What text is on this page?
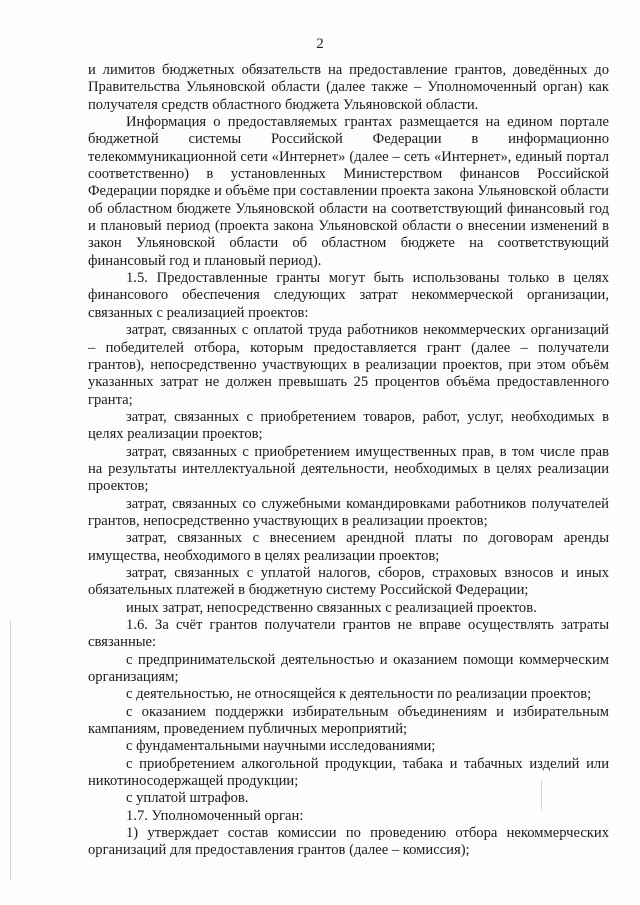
2

и лимитов бюджетных обязательств на предоставление грантов, доведённых до Правительства Ульяновской области (далее также – Уполномоченный орган) как получателя средств областного бюджета Ульяновской области.

Информация о предоставляемых грантах размещается на едином портале бюджетной системы Российской Федерации в информационно телекоммуникационной сети «Интернет» (далее – сеть «Интернет», единый портал соответственно) в установленных Министерством финансов Российской Федерации порядке и объёме при составлении проекта закона Ульяновской области об областном бюджете Ульяновской области на соответствующий финансовый год и плановый период (проекта закона Ульяновской области о внесении изменений в закон Ульяновской области об областном бюджете на соответствующий финансовый год и плановый период).

1.5. Предоставленные гранты могут быть использованы только в целях финансового обеспечения следующих затрат некоммерческой организации, связанных с реализацией проектов:

затрат, связанных с оплатой труда работников некоммерческих организаций – победителей отбора, которым предоставляется грант (далее – получатели грантов), непосредственно участвующих в реализации проектов, при этом объём указанных затрат не должен превышать 25 процентов объёма предоставленного гранта;

затрат, связанных с приобретением товаров, работ, услуг, необходимых в целях реализации проектов;

затрат, связанных с приобретением имущественных прав, в том числе прав на результаты интеллектуальной деятельности, необходимых в целях реализации проектов;

затрат, связанных со служебными командировками работников получателей грантов, непосредственно участвующих в реализации проектов;

затрат, связанных с внесением арендной платы по договорам аренды имущества, необходимого в целях реализации проектов;

затрат, связанных с уплатой налогов, сборов, страховых взносов и иных обязательных платежей в бюджетную систему Российской Федерации;

иных затрат, непосредственно связанных с реализацией проектов.

1.6. За счёт грантов получатели грантов не вправе осуществлять затраты связанные:

с предпринимательской деятельностью и оказанием помощи коммерческим организациям;

с деятельностью, не относящейся к деятельности по реализации проектов;

с оказанием поддержки избирательным объединениям и избирательным кампаниям, проведением публичных мероприятий;

с фундаментальными научными исследованиями;

с приобретением алкогольной продукции, табака и табачных изделий или никотиносодержащей продукции;

с уплатой штрафов.

1.7. Уполномоченный орган:

1) утверждает состав комиссии по проведению отбора некоммерческих организаций для предоставления грантов (далее – комиссия);
